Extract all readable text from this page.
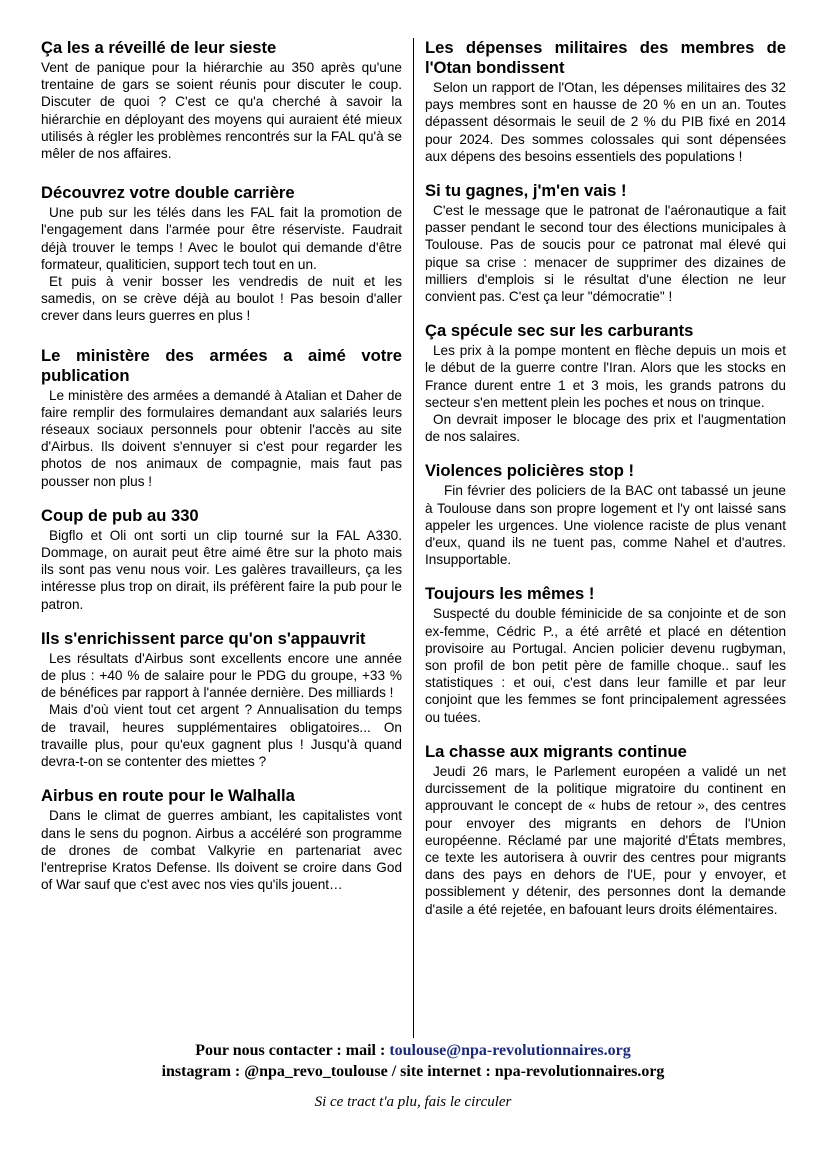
Ça les a réveillé de leur sieste

Vent de panique pour la hiérarchie au 350 après qu'une trentaine de gars se soient réunis pour discuter le coup. Discuter de quoi ? C'est ce qu'a cherché à savoir la hiérarchie en déployant des moyens qui auraient été mieux utilisés à régler les problèmes rencontrés sur la FAL qu'à se mêler de nos affaires.

Découvrez votre double carrière

Une pub sur les télés dans les FAL fait la promotion de l'engagement dans l'armée pour être réserviste. Faudrait déjà trouver le temps ! Avec le boulot qui demande d'être formateur, qualiticien, support tech tout en un.

Et puis à venir bosser les vendredis de nuit et les samedis, on se crève déjà au boulot ! Pas besoin d'aller crever dans leurs guerres en plus !

Le ministère des armées a aimé votre publication

Le ministère des armées a demandé à Atalian et Daher de faire remplir des formulaires demandant aux salariés leurs réseaux sociaux personnels pour obtenir l'accès au site d'Airbus. Ils doivent s'ennuyer si c'est pour regarder les photos de nos animaux de compagnie, mais faut pas pousser non plus !

Coup de pub au 330

Bigflo et Oli ont sorti un clip tourné sur la FAL A330. Dommage, on aurait peut être aimé être sur la photo mais ils sont pas venu nous voir. Les galères travailleurs, ça les intéresse plus trop on dirait, ils préfèrent faire la pub pour le patron.

Ils s'enrichissent parce qu'on s'appauvrit

Les résultats d'Airbus sont excellents encore une année de plus : +40 % de salaire pour le PDG du groupe, +33 % de bénéfices par rapport à l'année dernière. Des milliards !

Mais d'où vient tout cet argent ? Annualisation du temps de travail, heures supplémentaires obligatoires... On travaille plus, pour qu'eux gagnent plus ! Jusqu'à quand devra-t-on se contenter des miettes ?

Airbus en route pour le Walhalla

Dans le climat de guerres ambiant, les capitalistes vont dans le sens du pognon. Airbus a accéléré son programme de drones de combat Valkyrie en partenariat avec l'entreprise Kratos Defense. Ils doivent se croire dans God of War sauf que c'est avec nos vies qu'ils jouent…

Les dépenses militaires des membres de l'Otan bondissent

Selon un rapport de l'Otan, les dépenses militaires des 32 pays membres sont en hausse de 20 % en un an. Toutes dépassent désormais le seuil de 2 % du PIB fixé en 2014 pour 2024. Des sommes colossales qui sont dépensées aux dépens des besoins essentiels des populations !

Si tu gagnes, j'm'en vais !

C'est le message que le patronat de l'aéronautique a fait passer pendant le second tour des élections municipales à Toulouse. Pas de soucis pour ce patronat mal élevé qui pique sa crise : menacer de supprimer des dizaines de milliers d'emplois si le résultat d'une élection ne leur convient pas. C'est ça leur "démocratie" !

Ça spécule sec sur les carburants

Les prix à la pompe montent en flèche depuis un mois et le début de la guerre contre l'Iran. Alors que les stocks en France durent entre 1 et 3 mois, les grands patrons du secteur s'en mettent plein les poches et nous on trinque.

On devrait imposer le blocage des prix et l'augmentation de nos salaires.

Violences policières stop !

Fin février des policiers de la BAC ont tabassé un jeune à Toulouse dans son propre logement et l'y ont laissé sans appeler les urgences. Une violence raciste de plus venant d'eux, quand ils ne tuent pas, comme Nahel et d'autres. Insupportable.

Toujours les mêmes !

Suspecté du double féminicide de sa conjointe et de son ex-femme, Cédric P., a été arrêté et placé en détention provisoire au Portugal. Ancien policier devenu rugbyman, son profil de bon petit père de famille choque.. sauf les statistiques : et oui, c'est dans leur famille et par leur conjoint que les femmes se font principalement agressées ou tuées.

La chasse aux migrants continue

Jeudi 26 mars, le Parlement européen a validé un net durcissement de la politique migratoire du continent en approuvant le concept de « hubs de retour », des centres pour envoyer des migrants en dehors de l'Union européenne. Réclamé par une majorité d'États membres, ce texte les autorisera à ouvrir des centres pour migrants dans des pays en dehors de l'UE, pour y envoyer, et possiblement y détenir, des personnes dont la demande d'asile a été rejetée, en bafouant leurs droits élémentaires.

Pour nous contacter : mail : toulouse@npa-revolutionnaires.org
instagram : @npa_revo_toulouse / site internet : npa-revolutionnaires.org
Si ce tract t'a plu, fais le circuler
